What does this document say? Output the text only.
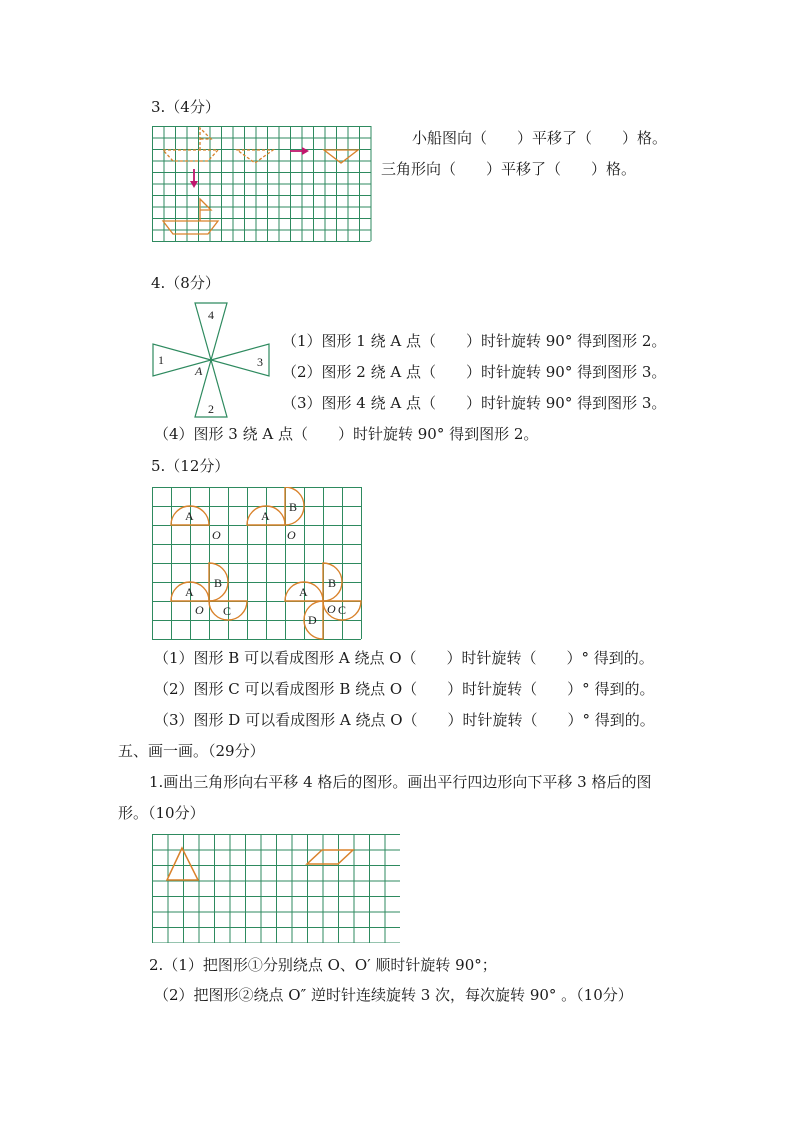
3.（4分）
小船图向（　　）平移了（　　）格。
三角形向（　　）平移了（　　）格。
4.（8分）
4
2
1	3
A
（1）图形 1 绕 A 点（　　）时针旋转 90° 得到图形 2。
（2）图形 2 绕 A 点（　　）时针旋转 90° 得到图形 3。
（3）图形 4 绕 A 点（　　）时针旋转 90° 得到图形 3。
（4）图形 3 绕 A 点（　　）时针旋转 90° 得到图形 2。
5.（12分）
A
O
A
B
O
A
B
C
O
A
B
C
O
D
（1）图形 B 可以看成图形 A 绕点 O（　　）时针旋转（　　）° 得到的。
（2）图形 C 可以看成图形 B 绕点 O（　　）时针旋转（　　）° 得到的。
（3）图形 D 可以看成图形 A 绕点 O（　　）时针旋转（　　）° 得到的。
五、画一画。（29分）
1.画出三角形向右平移 4 格后的图形。画出平行四边形向下平移 3 格后的图
形。（10分）
2.（1）把图形①分别绕点 O、O′ 顺时针旋转 90°；
（2）把图形②绕点 O″ 逆时针连续旋转 3 次，每次旋转 90° 。（10分）
